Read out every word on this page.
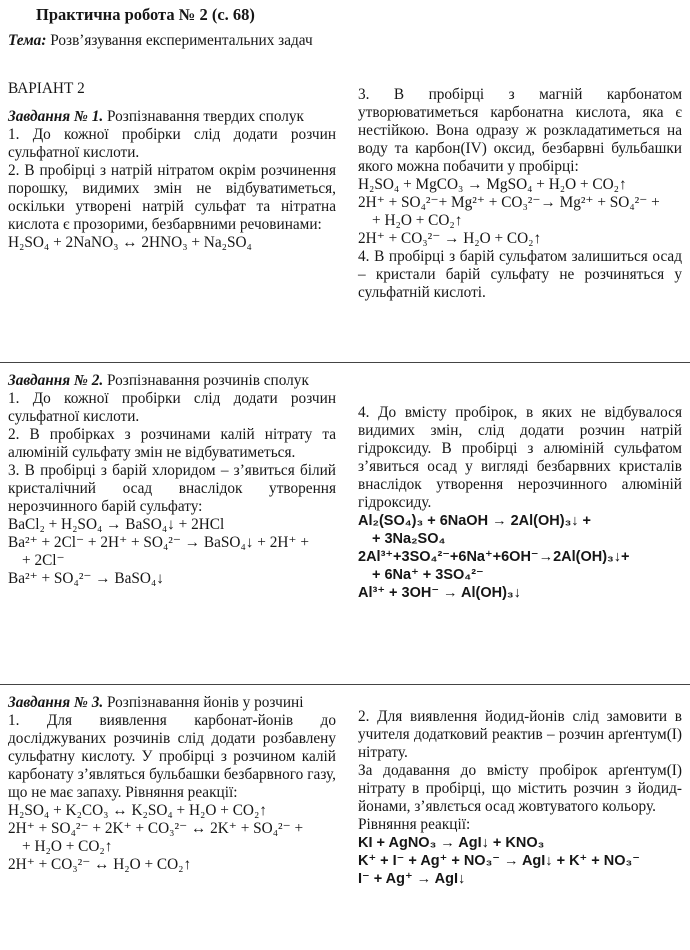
Практична робота № 2 (с. 68)
Тема: Розв’язування експериментальних задач
ВАРІАНТ 2

Завдання № 1. Розпізнавання твердих сполук

1. До кожної пробірки слід додати розчин сульфатної кислоти.

2. В пробірці з натрій нітратом окрім розчинення порошку, видимих змін не відбуватиметься, оскільки утворені натрій сульфат та нітратна кислота є прозорими, безбарвними речовинами:

H₂SO₄ + 2NaNO₃ ↔ 2HNO₃ + Na₂SO₄

3. В пробірці з магній карбонатом утворюватиметься карбонатна кислота, яка є нестійкою. Вона одразу ж розкладатиметься на воду та карбон(IV) оксид, безбарвні бульбашки якого можна побачити у пробірці:

H₂SO₄ + MgCO₃ → MgSO₄ + H₂O + CO₂↑

2H⁺ + SO₄²⁻+ Mg²⁺ + CO₃²⁻→ Mg²⁺ + SO₄²⁻ +

+ H₂O + CO₂↑

2H⁺ + CO₃²⁻ → H₂O + CO₂↑

4. В пробірці з барій сульфатом залишиться осад – кристали барій сульфату не розчиняться у сульфатній кислоті.

Завдання № 2. Розпізнавання розчинів сполук

1. До кожної пробірки слід додати розчин сульфатної кислоти.

2. В пробірках з розчинами калій нітрату та алюміній сульфату змін не відбуватиметься.

3. В пробірці з барій хлоридом – з’явиться білий кристалічний осад внаслідок утворення нерозчинного барій сульфату:

BaCl₂ + H₂SO₄ → BaSO₄↓ + 2HCl

Ba²⁺ + 2Cl⁻ + 2H⁺ + SO₄²⁻ → BaSO₄↓ + 2H⁺ +

+ 2Cl⁻

Ba²⁺ + SO₄²⁻ → BaSO₄↓

4. До вмісту пробірок, в яких не відбувалося видимих змін, слід додати розчин натрій гідроксиду. В пробірці з алюміній сульфатом з’явиться осад у вигляді безбарвних кристалів внаслідок утворення нерозчинного алюміній гідроксиду.

Al₂(SO₄)₃ + 6NaOH → 2Al(OH)₃↓ +

+ 3Na₂SO₄

2Al³⁺+3SO₄²⁻+6Na⁺+6OH⁻→2Al(OH)₃↓+

+ 6Na⁺ + 3SO₄²⁻

Al³⁺ + 3OH⁻ → Al(OH)₃↓

Завдання № 3. Розпізнавання йонів у розчині

1. Для виявлення карбонат-йонів до досліджуваних розчинів слід додати розбавлену сульфатну кислоту. У пробірці з розчином калій карбонату з’являться бульбашки безбарвного газу, що не має запаху. Рівняння реакції:

H₂SO₄ + K₂CO₃ ↔ K₂SO₄ + H₂O + CO₂↑

2H⁺ + SO₄²⁻ + 2K⁺ + CO₃²⁻ ↔ 2K⁺ + SO₄²⁻ +

+ H₂O + CO₂↑

2H⁺ + CO₃²⁻ ↔ H₂O + CO₂↑

2. Для виявлення йодид-йонів слід замовити в учителя додатковий реактив – розчин арґентум(I) нітрату.

За додавання до вмісту пробірок арґентум(I) нітрату в пробірці, що містить розчин з йодид-йонами, з’явлється осад жовтуватого кольору.

Рівняння реакції:

KI + AgNO₃ → AgI↓ + KNO₃

K⁺ + I⁻ + Ag⁺ + NO₃⁻ → AgI↓ + K⁺ + NO₃⁻

I⁻ + Ag⁺ → AgI↓
